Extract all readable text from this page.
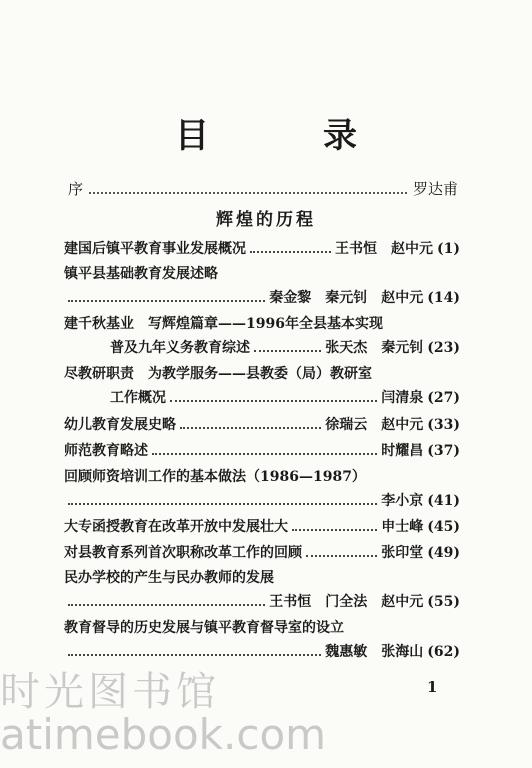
目　录
序	罗达甫
辉煌的历程
建国后镇平教育事业发展概况	王书恒　赵中元 (1)
镇平县基础教育发展述略
秦金黎　秦元钊　赵中元 (14)
建千秋基业　写辉煌篇章——1996年全县基本实现
普及九年义务教育综述	张天杰　秦元钊 (23)
尽教研职责　为教学服务——县教委（局）教研室
工作概况	闫清泉 (27)
幼儿教育发展史略	徐瑞云　赵中元 (33)
师范教育略述	时耀昌 (37)
回顾师资培训工作的基本做法（1986—1987）
李小京 (41)
大专函授教育在改革开放中发展壮大	申士峰 (45)
对县教育系列首次职称改革工作的回顾	张印堂 (49)
民办学校的产生与民办教师的发展
王书恒　门全法　赵中元 (55)
教育督导的历史发展与镇平教育督导室的设立
魏惠敏　张海山 (62)
1
时光图书馆
atimebook.com
